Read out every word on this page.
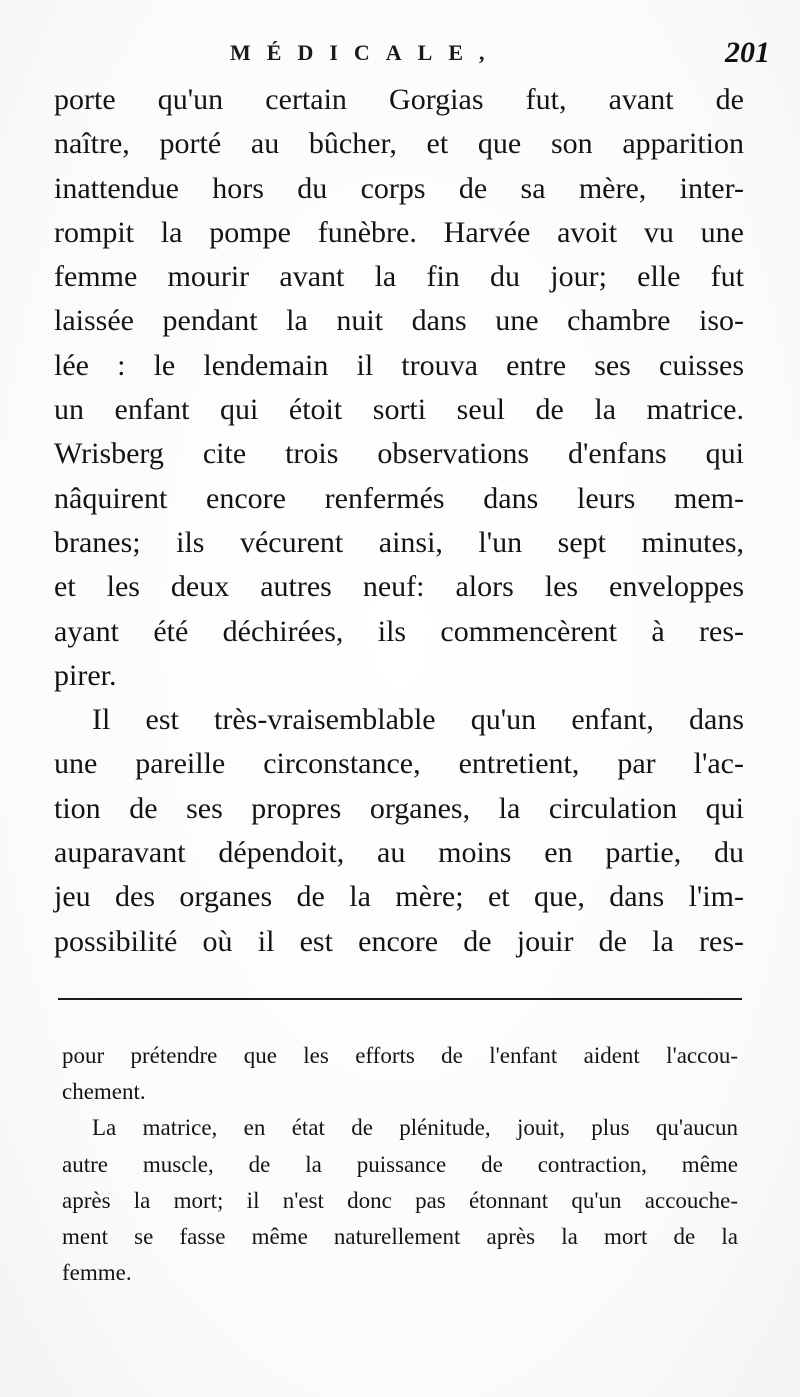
MÉDICALE,	201
porte qu'un certain Gorgias fut, avant de
naître, porté au bûcher, et que son apparition
inattendue hors du corps de sa mère, inter-
rompit la pompe funèbre. Harvée avoit vu une
femme mourir avant la fin du jour; elle fut
laissée pendant la nuit dans une chambre iso-
lée : le lendemain il trouva entre ses cuisses
un enfant qui étoit sorti seul de la matrice.
Wrisberg cite trois observations d'enfans qui
nâquirent encore renfermés dans leurs mem-
branes; ils vécurent ainsi, l'un sept minutes,
et les deux autres neuf: alors les enveloppes
ayant été déchirées, ils commencèrent à res-
pirer.
Il est très-vraisemblable qu'un enfant, dans
une pareille circonstance, entretient, par l'ac-
tion de ses propres organes, la circulation qui
auparavant dépendoit, au moins en partie, du
jeu des organes de la mère; et que, dans l'im-
possibilité où il est encore de jouir de la res-
pour prétendre que les efforts de l'enfant aident l'accou-
chement.
La matrice, en état de plénitude, jouit, plus qu'aucun
autre muscle, de la puissance de contraction, même
après la mort; il n'est donc pas étonnant qu'un accouche-
ment se fasse même naturellement après la mort de la
femme.
